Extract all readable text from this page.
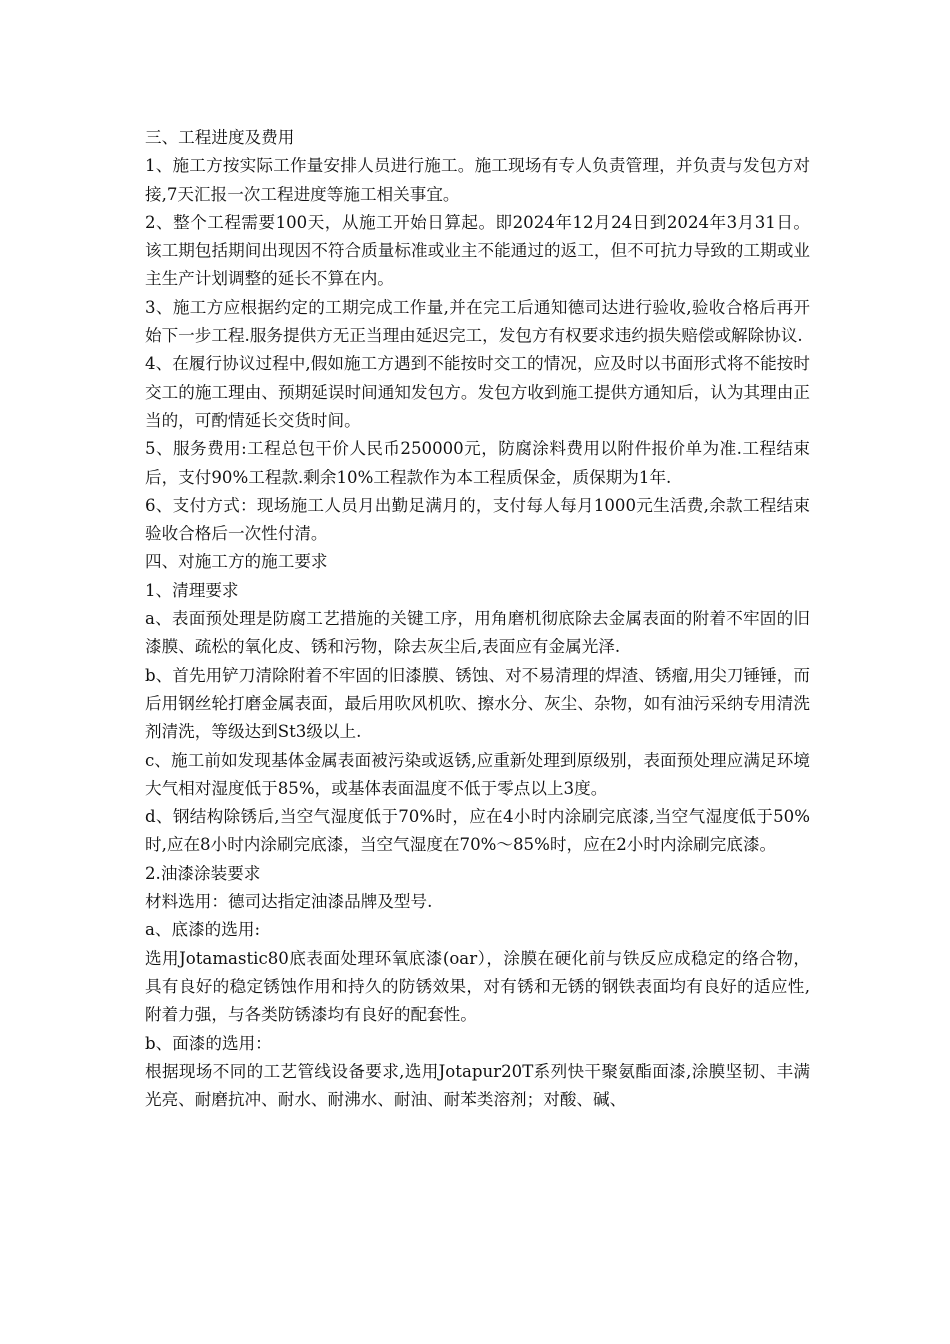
三、工程进度及费用

1、施工方按实际工作量安排人员进行施工。施工现场有专人负责管理，并负责与发包方对接,7天汇报一次工程进度等施工相关事宜。

2、整个工程需要100天，从施工开始日算起。即2024年12月24日到2024年3月31日。该工期包括期间出现因不符合质量标准或业主不能通过的返工，但不可抗力导致的工期或业主生产计划调整的延长不算在内。

3、施工方应根据约定的工期完成工作量,并在完工后通知德司达进行验收,验收合格后再开始下一步工程.服务提供方无正当理由延迟完工，发包方有权要求违约损失赔偿或解除协议.

4、在履行协议过程中,假如施工方遇到不能按时交工的情况，应及时以书面形式将不能按时交工的施工理由、预期延误时间通知发包方。发包方收到施工提供方通知后，认为其理由正当的，可酌情延长交货时间。

5、服务费用:工程总包干价人民币250000元，防腐涂料费用以附件报价单为准.工程结束后，支付90%工程款.剩余10%工程款作为本工程质保金，质保期为1年.

6、支付方式：现场施工人员月出勤足满月的，支付每人每月1000元生活费,余款工程结束验收合格后一次性付清。

四、对施工方的施工要求

1、清理要求

a、表面预处理是防腐工艺措施的关键工序，用角磨机彻底除去金属表面的附着不牢固的旧漆膜、疏松的氧化皮、锈和污物，除去灰尘后,表面应有金属光泽.

b、首先用铲刀清除附着不牢固的旧漆膜、锈蚀、对不易清理的焊渣、锈瘤,用尖刀锤锤，而后用钢丝轮打磨金属表面，最后用吹风机吹、擦水分、灰尘、杂物，如有油污采纳专用清洗剂清洗，等级达到St3级以上.

c、施工前如发现基体金属表面被污染或返锈,应重新处理到原级别，表面预处理应满足环境大气相对湿度低于85%，或基体表面温度不低于零点以上3度。

d、钢结构除锈后,当空气湿度低于70%时，应在4小时内涂刷完底漆,当空气湿度低于50%时,应在8小时内涂刷完底漆，当空气湿度在70%～85%时，应在2小时内涂刷完底漆。

2.油漆涂装要求

材料选用：德司达指定油漆品牌及型号.

a、底漆的选用:

选用Jotamastic80底表面处理环氧底漆(oar），涂膜在硬化前与铁反应成稳定的络合物，具有良好的稳定锈蚀作用和持久的防锈效果，对有锈和无锈的钢铁表面均有良好的适应性,附着力强，与各类防锈漆均有良好的配套性。

b、面漆的选用：

根据现场不同的工艺管线设备要求,选用Jotapur20T系列快干聚氨酯面漆,涂膜坚韧、丰满光亮、耐磨抗冲、耐水、耐沸水、耐油、耐苯类溶剂；对酸、碱、
